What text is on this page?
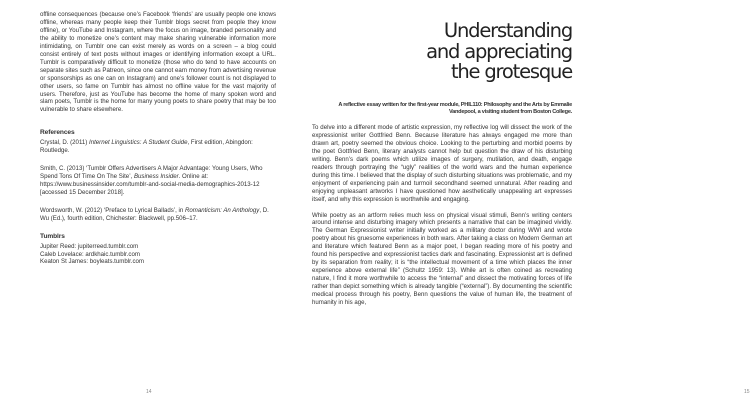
offline consequences (because one’s Facebook ‘friends’ are usually people one knows offline, whereas many people keep their Tumblr blogs secret from people they know offline), or YouTube and Instagram, where the focus on image, branded personality and the ability to monetize one’s content may make sharing vulnerable information more intimidating, on Tumblr one can exist merely as words on a screen – a blog could consist entirely of text posts without images or identifying information except a URL. Tumblr is comparatively difficult to monetize (those who do tend to have accounts on separate sites such as Patreon, since one cannot earn money from advertising revenue or sponsorships as one can on Instagram) and one’s follower count is not displayed to other users, so fame on Tumblr has almost no offline value for the vast majority of users. Therefore, just as YouTube has become the home of many spoken word and slam poets, Tumblr is the home for many young poets to share poetry that may be too vulnerable to share elsewhere.

References

Crystal, D. (2011) Internet Linguistics: A Student Guide, First edition, Abingdon: Routledge.

Smith, C. (2013) ‘Tumblr Offers Advertisers A Major Advantage: Young Users, Who Spend Tons Of Time On The Site’, Business Insider. Online at: https://www.businessinsider.com/tumblr-and-social-media-demographics-2013-12 [accessed 15 December 2018].

Wordsworth, W. (2012) ‘Preface to Lyrical Ballads’, in Romanticism: An Anthology, D. Wu (Ed.), fourth edition, Chichester: Blackwell, pp.506–17.

Tumblrs

Jupiter Reed: jupiterreed.tumblr.com

Caleb Lovelace: ardkhaic.tumblr.com

Keaton St James: boyleats.tumblr.com

14
Understanding
and appreciating
the grotesque
A reflective essay written for the first-year module, PHIL110: Philosophy and the Arts by Emmalie
Vandepool, a visiting student from Boston College.

To delve into a different mode of artistic expression, my reflective log will dissect the work of the expressionist writer Gottfried Benn. Because literature has always engaged me more than drawn art, poetry seemed the obvious choice. Looking to the perturbing and morbid poems by the poet Gottfried Benn, literary analysts cannot help but question the draw of his disturbing writing. Benn’s dark poems which utilize images of surgery, mutilation, and death, engage readers through portraying the “ugly” realities of the world wars and the human experience during this time. I believed that the display of such disturbing situations was problematic, and my enjoyment of experiencing pain and turmoil secondhand seemed unnatural. After reading and enjoying unpleasant artworks I have questioned how aesthetically unappealing art expresses itself, and why this expression is worthwhile and engaging.

While poetry as an artform relies much less on physical visual stimuli, Benn’s writing centers around intense and disturbing imagery which presents a narrative that can be imagined vividly. The German Expressionist writer initially worked as a military doctor during WWI and wrote poetry about his gruesome experiences in both wars. After taking a class on Modern German art and literature which featured Benn as a major poet, I began reading more of his poetry and found his perspective and expressionist tactics dark and fascinating. Expressionist art is defined by its separation from reality; it is “the intellectual movement of a time which places the inner experience above external life” (Schultz 1959: 13). While art is often coined as recreating nature, I find it more worthwhile to access the “internal” and dissect the motivating forces of life rather than depict something which is already tangible (“external”). By documenting the scientific medical process through his poetry, Benn questions the value of human life, the treatment of humanity in his age,

15
